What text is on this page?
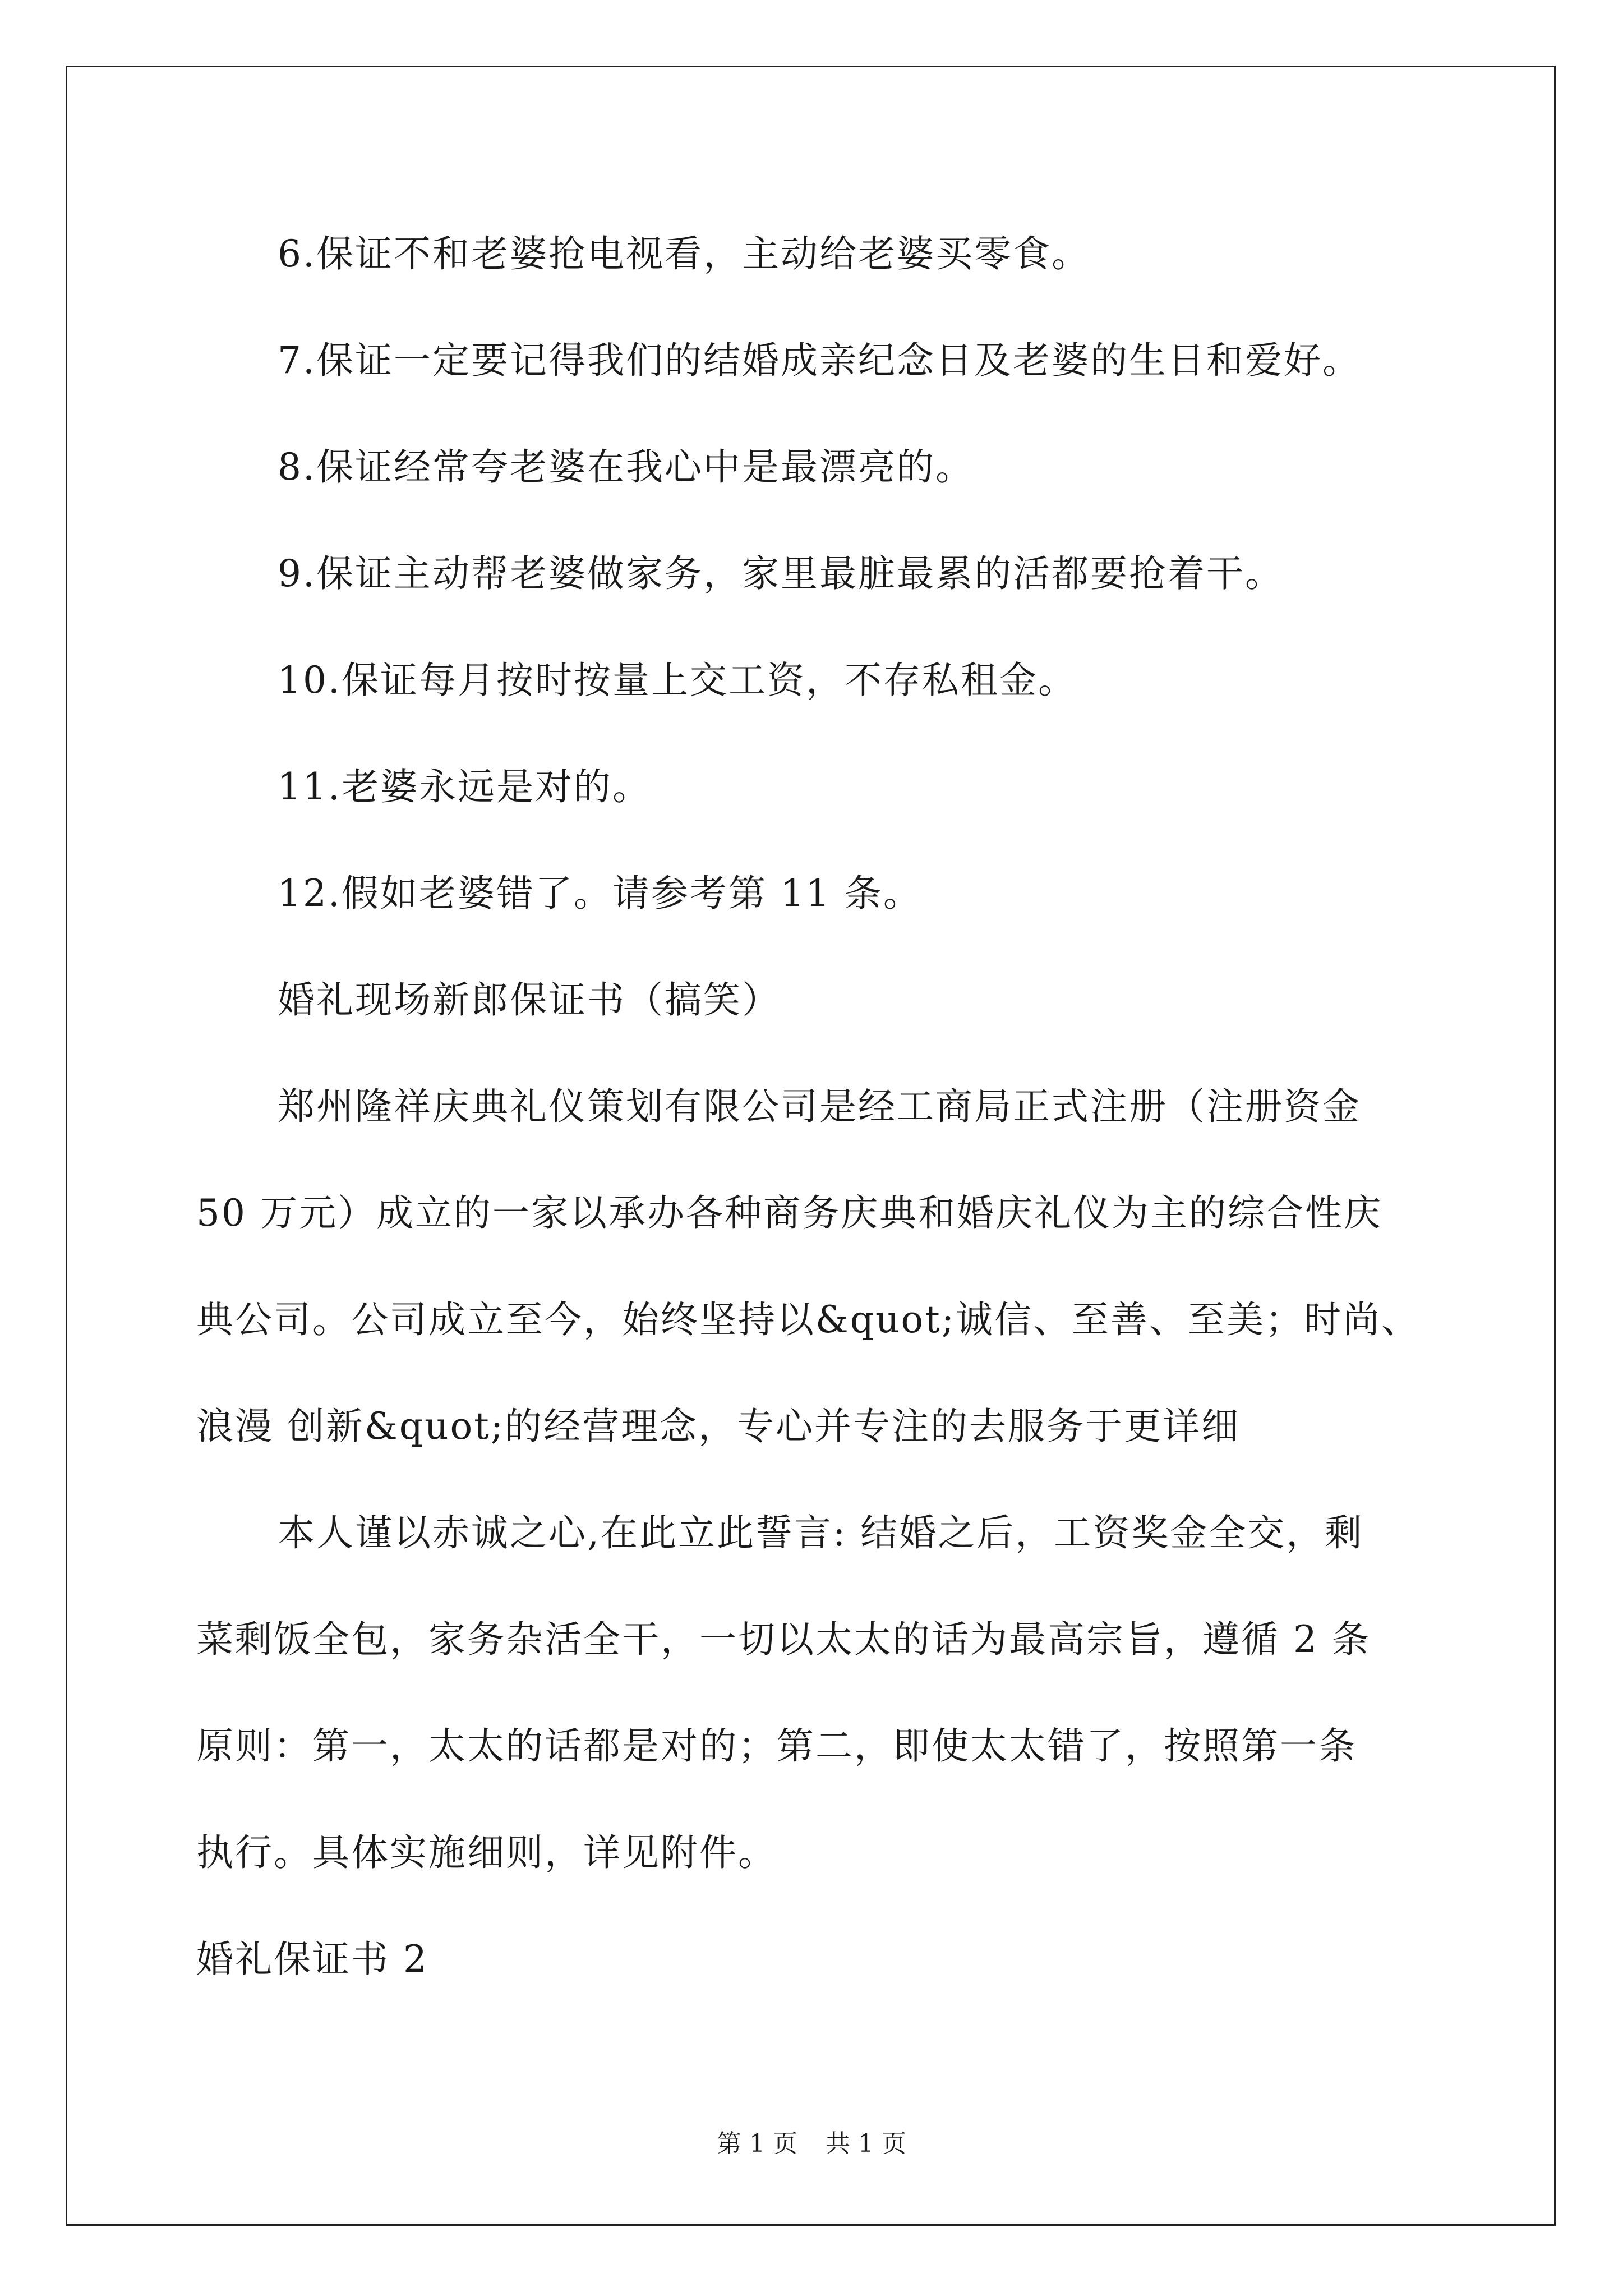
6.保证不和老婆抢电视看，主动给老婆买零食。

7.保证一定要记得我们的结婚成亲纪念日及老婆的生日和爱好。

8.保证经常夸老婆在我心中是最漂亮的。

9.保证主动帮老婆做家务，家里最脏最累的活都要抢着干。

10.保证每月按时按量上交工资，不存私租金。

11.老婆永远是对的。

12.假如老婆错了。请参考第 11 条。

婚礼现场新郎保证书（搞笑）

郑州隆祥庆典礼仪策划有限公司是经工商局正式注册（注册资金

50 万元）成立的一家以承办各种商务庆典和婚庆礼仪为主的综合性庆

典公司。公司成立至今，始终坚持以&quot;诚信、至善、至美；时尚、

浪漫 创新&quot;的经营理念，专心并专注的去服务于更详细

本人谨以赤诚之心,在此立此誓言: 结婚之后，工资奖金全交，剩

菜剩饭全包，家务杂活全干，一切以太太的话为最高宗旨，遵循 2 条

原则：第一，太太的话都是对的；第二，即使太太错了，按照第一条

执行。具体实施细则，详见附件。

婚礼保证书 2

第 1 页 共 1 页
